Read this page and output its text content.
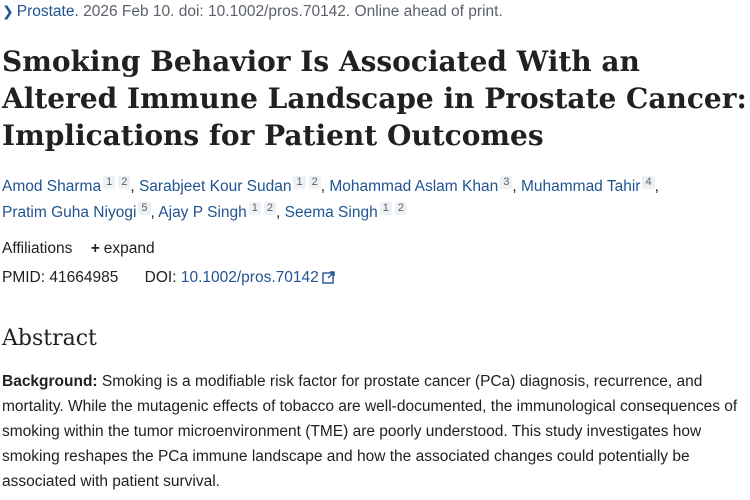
❯ Prostate. 2026 Feb 10. doi: 10.1002/pros.70142. Online ahead of print.
Smoking Behavior Is Associated With an Altered Immune Landscape in Prostate Cancer: Implications for Patient Outcomes
Amod Sharma 1 2 , Sarabjeet Kour Sudan 1 2 , Mohammad Aslam Khan 3 , Muhammad Tahir 4 ,
Pratim Guha Niyogi 5 , Ajay P Singh 1 2 , Seema Singh 1 2
Affiliations + expand
PMID: 41664985 DOI: 10.1002/pros.70142
Abstract

Background: Smoking is a modifiable risk factor for prostate cancer (PCa) diagnosis, recurrence, and mortality. While the mutagenic effects of tobacco are well-documented, the immunological consequences of smoking within the tumor microenvironment (TME) are poorly understood. This study investigates how smoking reshapes the PCa immune landscape and how the associated changes could potentially be associated with patient survival.
